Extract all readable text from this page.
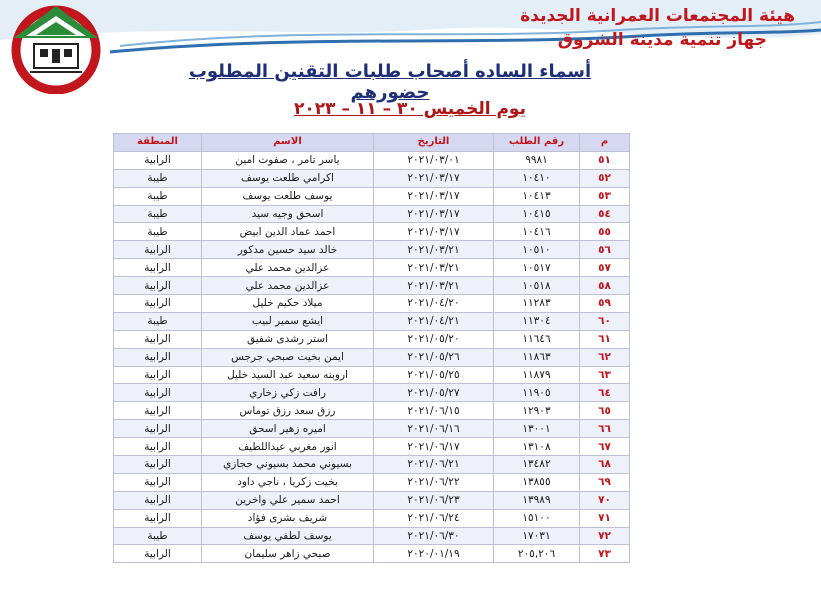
هيئة المجتمعات العمرانية الجديدة
جهاز تنمية مدينة الشروق
أسماء الساده أصحاب طلبات التقنين المطلوب حضورهم
يوم الخميس ٣٠ – ١١ – ٢٠٢٣
م	رقم الطلب	التاريخ	الاسم	المنطقة
٥١	٩٩٨١	٢٠٢١/٠٣/٠١	ياسر تامر ، صفوت امين	الرابية
٥٢	١٠٤١٠	٢٠٢١/٠٣/١٧	اكرامي طلعت يوسف	طيبة
٥٣	١٠٤١٣	٢٠٢١/٠٣/١٧	يوسف طلعت يوسف	طيبة
٥٤	١٠٤١٥	٢٠٢١/٠٣/١٧	اسحق وجيه سيد	طيبة
٥٥	١٠٤١٦	٢٠٢١/٠٣/١٧	احمد عماد الدين ابيض	طيبة
٥٦	١٠٥١٠	٢٠٢١/٠٣/٢١	خالد سيد حسين مدكور	الرابية
٥٧	١٠٥١٧	٢٠٢١/٠٣/٢١	عزالدين محمد علي	الرابية
٥٨	١٠٥١٨	٢٠٢١/٠٣/٢١	عزالدين محمد علي	الرابية
٥٩	١١٢٨٣	٢٠٢١/٠٤/٢٠	ميلاد حكيم خليل	الرابية
٦٠	١١٣٠٤	٢٠٢١/٠٤/٢١	ايشع سمير لبيب	طيبة
٦١	١١٦٤٦	٢٠٢١/٠٥/٢٠	استر رشدى شفيق	الرابية
٦٢	١١٨٦٣	٢٠٢١/٠٥/٢٦	ايمن بخيت صبحي جرجس	الرابية
٦٣	١١٨٧٩	٢٠٢١/٠٥/٢٥	اروبنه سعيد عبد السيد خليل	الرابية
٦٤	١١٩٠٥	٢٠٢١/٠٥/٢٧	رافت زكي زخاري	الرابية
٦٥	١٢٩٠٣	٢٠٢١/٠٦/١٥	رزق سعد رزق توماس	الرابية
٦٦	١٣٠٠١	٢٠٢١/٠٦/١٦	اميره زهير اسحق	الرابية
٦٧	١٣١٠٨	٢٠٢١/٠٦/١٧	انور مغربي عبداللطيف	الرابية
٦٨	١٣٤٨٢	٢٠٢١/٠٦/٢١	بسيوني محمد بسيوني حجازي	الرابية
٦٩	١٣٨٥٥	٢٠٢١/٠٦/٢٢	بخيت زكريا ، ناجي داود	الرابية
٧٠	١٣٩٨٩	٢٠٢١/٠٦/٢٣	احمد سمير علي واخرين	الرابية
٧١	١٥١٠٠	٢٠٢١/٠٦/٢٤	شريف بشرى فؤاد	الرابية
٧٢	١٧٠٣١	٢٠٢١/٠٦/٣٠	يوسف لطفي يوسف	طيبة
٧٣	٢٠٥,٢٠٦	٢٠٢٠/٠١/١٩	صبحي زاهر سليمان	الرابية
